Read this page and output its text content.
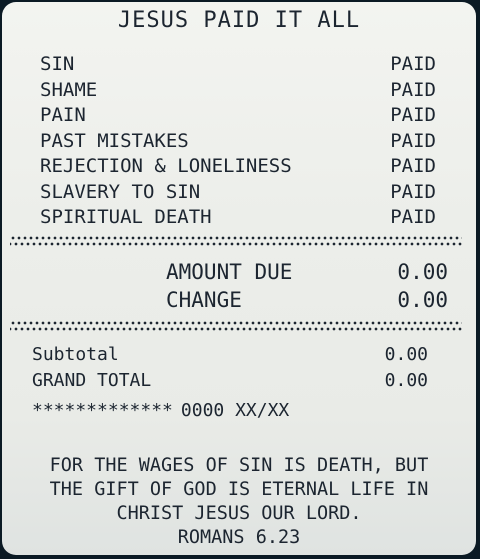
JESUS PAID IT ALL
SIN	PAID
SHAME	PAID
PAIN	PAID
PAST MISTAKES	PAID
REJECTION & LONELINESS	PAID
SLAVERY TO SIN	PAID
SPIRITUAL DEATH	PAID
AMOUNT DUE	0.00
CHANGE	0.00
Subtotal	0.00
GRAND TOTAL	0.00
************* 0000 XX/XX
FOR THE WAGES OF SIN IS DEATH, BUT
THE GIFT OF GOD IS ETERNAL LIFE IN
CHRIST JESUS OUR LORD.
ROMANS 6.23
